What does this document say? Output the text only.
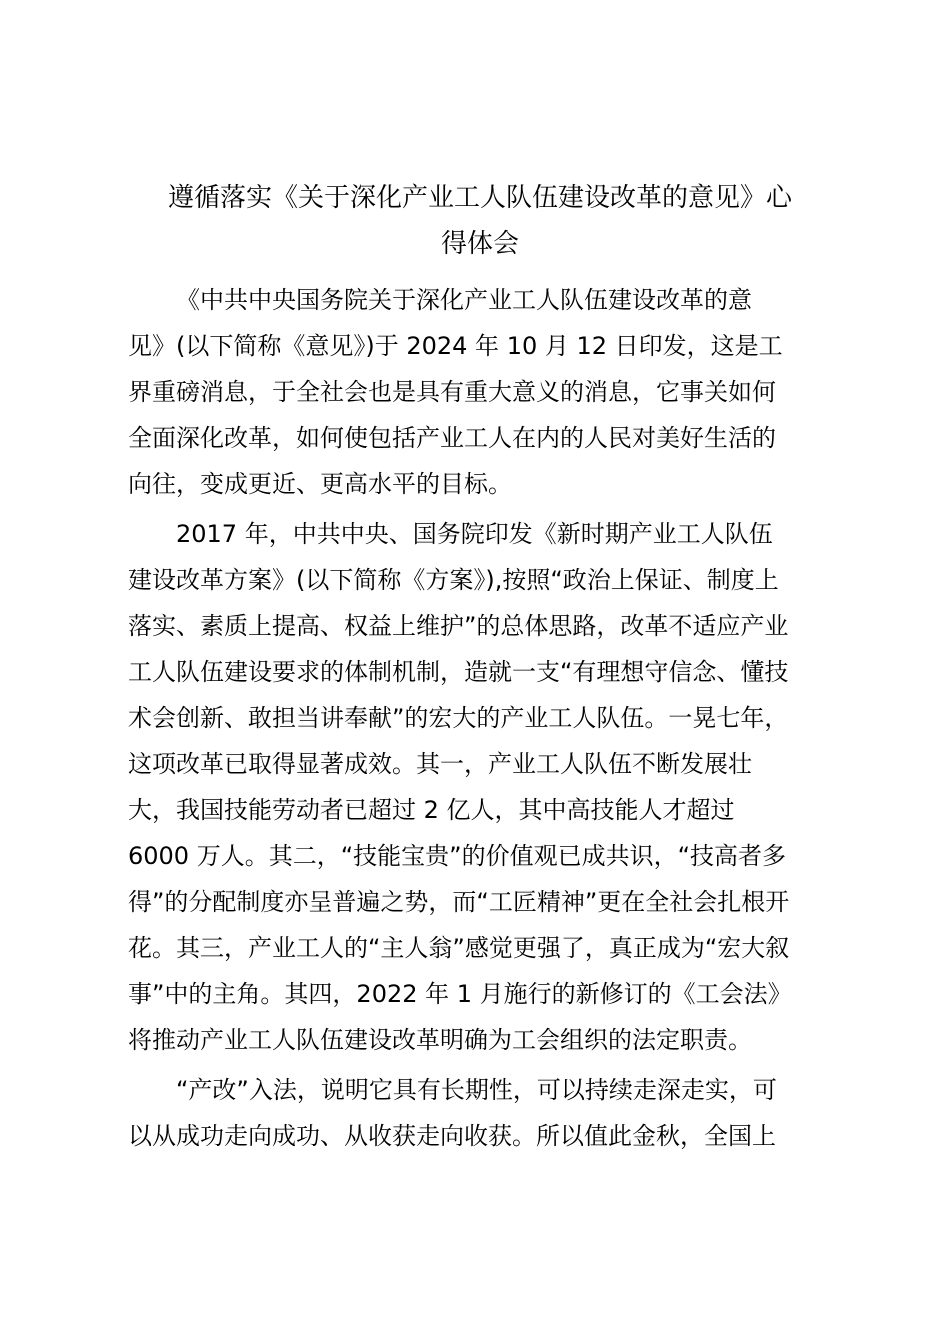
遵循落实《关于深化产业工人队伍建设改革的意见》心
得体会
《中共中央国务院关于深化产业工人队伍建设改革的意
见》(以下简称《意见》)于 2024 年 10 月 12 日印发，这是工
界重磅消息，于全社会也是具有重大意义的消息，它事关如何
全面深化改革，如何使包括产业工人在内的人民对美好生活的
向往，变成更近、更高水平的目标。
2017 年，中共中央、国务院印发《新时期产业工人队伍
建设改革方案》(以下简称《方案》),按照“政治上保证、制度上
落实、素质上提高、权益上维护”的总体思路，改革不适应产业
工人队伍建设要求的体制机制，造就一支“有理想守信念、懂技
术会创新、敢担当讲奉献”的宏大的产业工人队伍。一晃七年，
这项改革已取得显著成效。其一，产业工人队伍不断发展壮
大，我国技能劳动者已超过 2 亿人，其中高技能人才超过
6000 万人。其二，“技能宝贵”的价值观已成共识，“技高者多
得”的分配制度亦呈普遍之势，而“工匠精神”更在全社会扎根开
花。其三，产业工人的“主人翁”感觉更强了，真正成为“宏大叙
事”中的主角。其四，2022 年 1 月施行的新修订的《工会法》
将推动产业工人队伍建设改革明确为工会组织的法定职责。
“产改”入法，说明它具有长期性，可以持续走深走实，可
以从成功走向成功、从收获走向收获。所以值此金秋，全国上
